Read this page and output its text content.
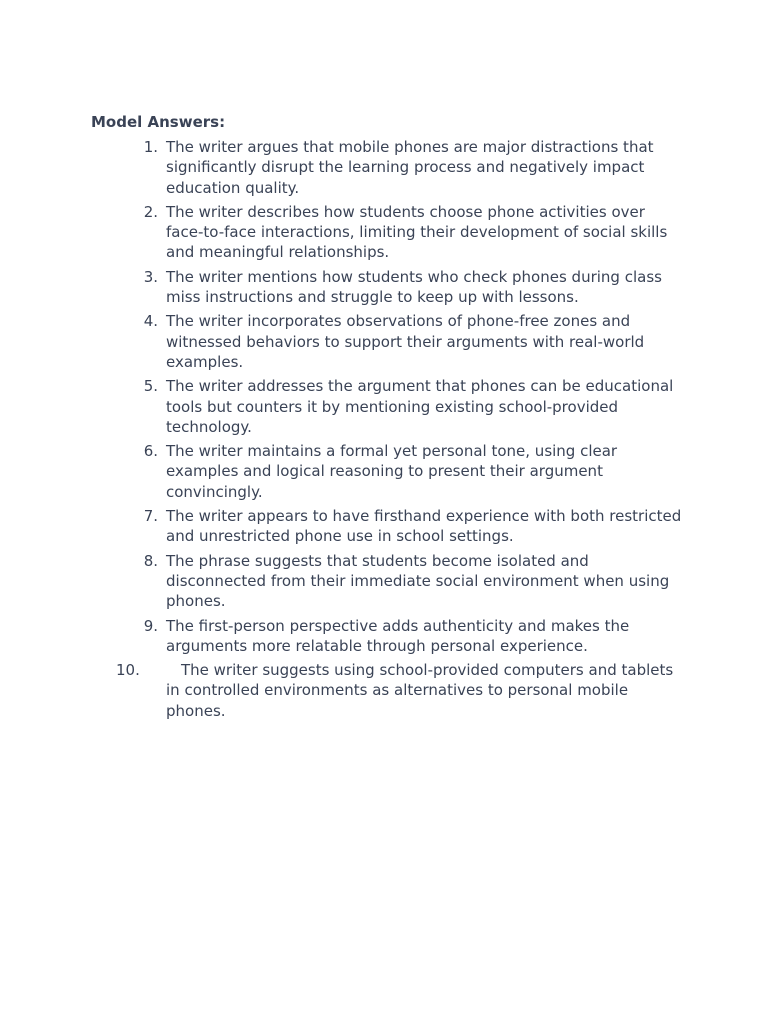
Model Answers:
1. The writer argues that mobile phones are major distractions that significantly disrupt the learning process and negatively impact education quality.
2. The writer describes how students choose phone activities over face-to-face interactions, limiting their development of social skills and meaningful relationships.
3. The writer mentions how students who check phones during class miss instructions and struggle to keep up with lessons.
4. The writer incorporates observations of phone-free zones and witnessed behaviors to support their arguments with real-world examples.
5. The writer addresses the argument that phones can be educational tools but counters it by mentioning existing school-provided technology.
6. The writer maintains a formal yet personal tone, using clear examples and logical reasoning to present their argument convincingly.
7. The writer appears to have firsthand experience with both restricted and unrestricted phone use in school settings.
8. The phrase suggests that students become isolated and disconnected from their immediate social environment when using phones.
9. The first-person perspective adds authenticity and makes the arguments more relatable through personal experience.
10.	The writer suggests using school-provided computers and tablets in controlled environments as alternatives to personal mobile phones.
